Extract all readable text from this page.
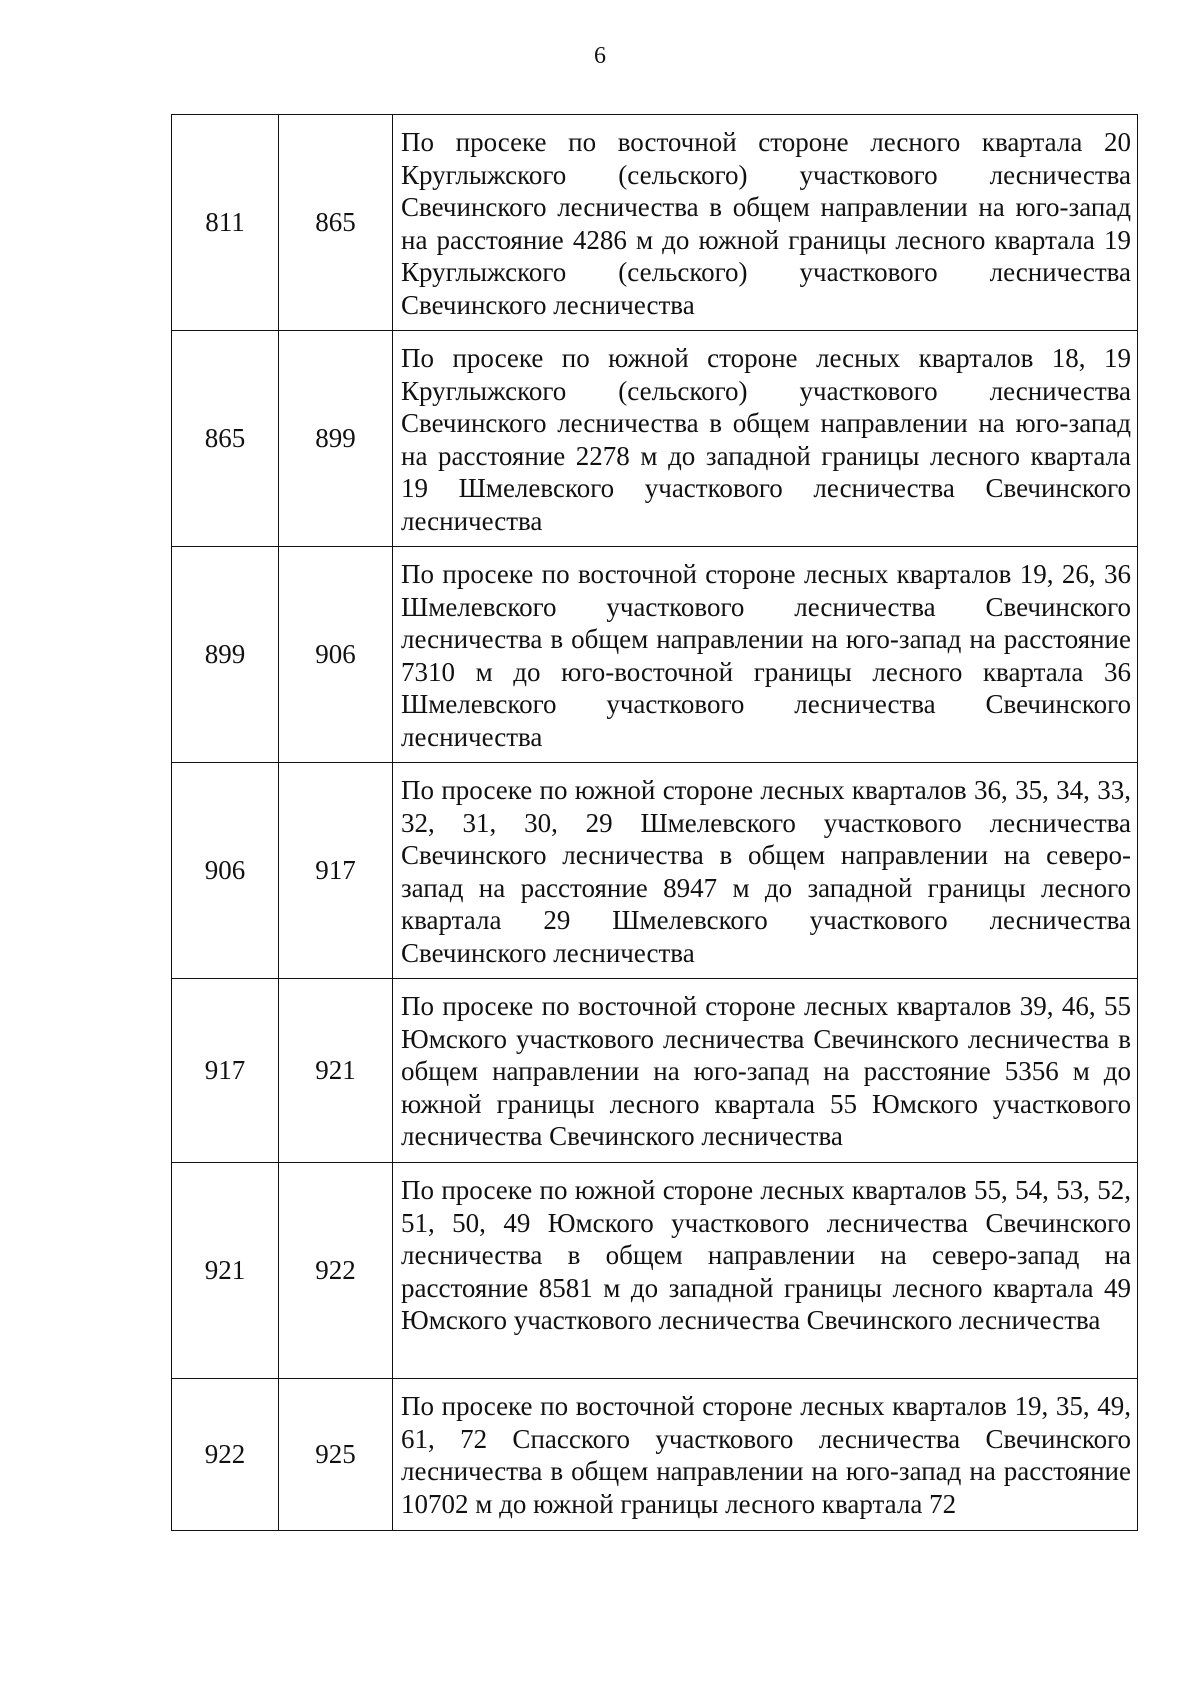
6
811	865	По просеке по восточной стороне лесного квартала 20 Круглыжского (сельского) участкового лесничества Свечинского лесничества в общем направлении на юго-запад на расстояние 4286 м до южной границы лесного квартала 19 Круглыжского (сельского) участкового лесничества Свечинского лесничества
865	899	По просеке по южной стороне лесных кварталов 18, 19 Круглыжского (сельского) участкового лесничества Свечинского лесничества в общем направлении на юго-запад на расстояние 2278 м до западной границы лесного квартала 19 Шмелевского участкового лесничества Свечинского лесничества
899	906	По просеке по восточной стороне лесных кварталов 19, 26, 36 Шмелевского участкового лесничества Свечинского лесничества в общем направлении на юго-запад на расстояние 7310 м до юго-восточной границы лесного квартала 36 Шмелевского участкового лесничества Свечинского лесничества
906	917	По просеке по южной стороне лесных кварталов 36, 35, 34, 33, 32, 31, 30, 29 Шмелевского участкового лесничества Свечинского лесничества в общем направлении на северо-запад на расстояние 8947 м до западной границы лесного квартала 29 Шмелевского участкового лесничества Свечинского лесничества
917	921	По просеке по восточной стороне лесных кварталов 39, 46, 55 Юмского участкового лесничества Свечинского лесничества в общем направлении на юго-запад на расстояние 5356 м до южной границы лесного квартала 55 Юмского участкового лесничества Свечинского лесничества
921	922	По просеке по южной стороне лесных кварталов 55, 54, 53, 52, 51, 50, 49 Юмского участкового лесничества Свечинского лесничества в общем направлении на северо-запад на расстояние 8581 м до западной границы лесного квартала 49 Юмского участкового лесничества Свечинского лесничества
922	925	По просеке по восточной стороне лесных кварталов 19, 35, 49, 61, 72 Спасского участкового лесничества Свечинского лесничества в общем направлении на юго-запад на расстояние 10702 м до южной границы лесного квартала 72
